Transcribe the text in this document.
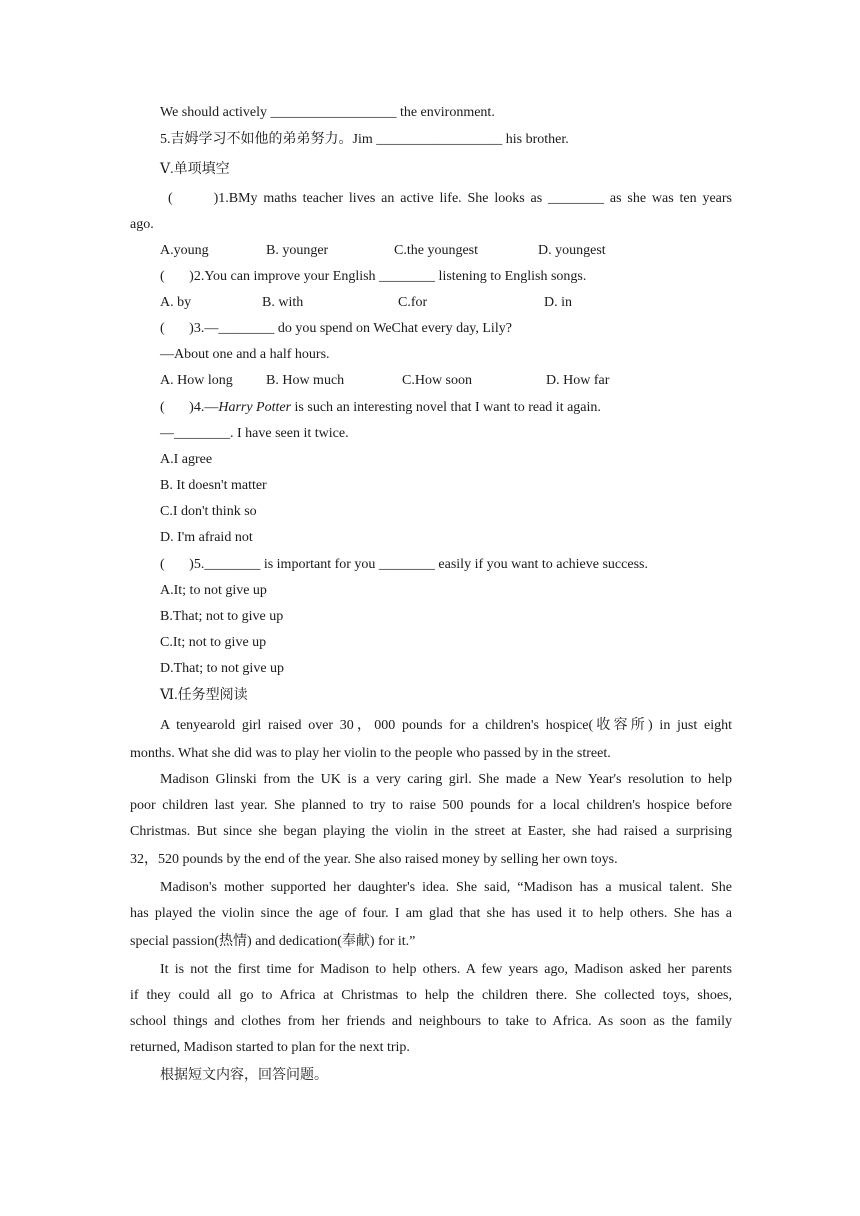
We should actively __________________ the environment.
5.吉姆学习不如他的弟弟努力。Jim __________________ his brother.
Ⅴ.单项填空
(       )1.BMy maths teacher lives an active life. She looks as ________ as she was ten years
ago.
A.young	B. younger	C.the youngest	D. youngest
(       )2.You can improve your English ________ listening to English songs.
A. by	B. with	C.for	D. in
(       )3.—________ do you spend on WeChat every day, Lily?
—About one and a half hours.
A. How long	B. How much	C.How soon	D. How far
(       )4.—Harry Potter is such an interesting novel that I want to read it again.
—________. I have seen it twice.
A.I agree
B. It doesn't matter
C.I don't think so
D. I'm afraid not
(       )5.________ is important for you ________ easily if you want to achieve success.
A.It; to not give up
B.That; not to give up
C.It; not to give up
D.That; to not give up
Ⅵ.任务型阅读
A tenyearold girl raised over 30，000 pounds for a children's hospice(收容所) in just eight
months. What she did was to play her violin to the people who passed by in the street.
Madison Glinski from the UK is a very caring girl. She made a New Year's resolution to help
poor children last year. She planned to try to raise 500 pounds for a local children's hospice before
Christmas. But since she began playing the violin in the street at Easter, she had raised a surprising
32，520 pounds by the end of the year. She also raised money by selling her own toys.
Madison's mother supported her daughter's idea. She said, “Madison has a musical talent. She
has played the violin since the age of four. I am glad that she has used it to help others. She has a
special passion(热情) and dedication(奉献) for it.”
It is not the first time for Madison to help others. A few years ago, Madison asked her parents
if they could all go to Africa at Christmas to help the children there. She collected toys, shoes,
school things and clothes from her friends and neighbours to take to Africa. As soon as the family
returned, Madison started to plan for the next trip.
根据短文内容，回答问题。
